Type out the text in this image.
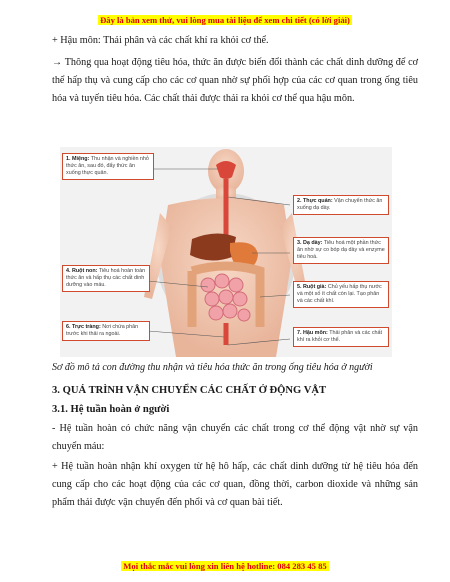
Đây là bản xem thử, vui lòng mua tài liệu để xem chi tiết (có lời giải)
+ Hậu môn: Thải phân và các chất khí ra khỏi cơ thể.
→ Thông qua hoạt động tiêu hóa, thức ăn được biến đổi thành các chất dinh dưỡng để cơ thể hấp thụ và cung cấp cho các cơ quan nhờ sự phối hợp của các cơ quan trong ống tiêu hóa và tuyến tiêu hóa. Các chất thải được thải ra khỏi cơ thể qua hậu môn.
1. Miệng: Thu nhận và nghiền nhỏ thức ăn, sau đó, đẩy thức ăn xuống thực quản.
2. Thực quản: Vận chuyển thức ăn xuống dạ dày.
3. Dạ dày: Tiêu hoá một phần thức ăn nhờ sự co bóp dạ dày và enzyme tiêu hoá.
4. Ruột non: Tiêu hoá hoàn toàn thức ăn và hấp thụ các chất dinh dưỡng vào máu.	5. Ruột già: Chủ yếu hấp thụ nước và một số ít chất còn lại. Tạo phân và các chất khí.
6. Trực tràng: Nơi chứa phân trước khi thải ra ngoài.	7. Hậu môn: Thải phân và các chất khí ra khỏi cơ thể.
Sơ đồ mô tả con đường thu nhận và tiêu hóa thức ăn trong ống tiêu hóa ở người
3. QUÁ TRÌNH VẬN CHUYỂN CÁC CHẤT Ở ĐỘNG VẬT
3.1. Hệ tuần hoàn ở người
- Hệ tuần hoàn có chức năng vận chuyển các chất trong cơ thể động vật nhờ sự vận chuyển máu:
+ Hệ tuần hoàn nhận khí oxygen từ hệ hô hấp, các chất dinh dưỡng từ hệ tiêu hóa đến cung cấp cho các hoạt động của các cơ quan, đồng thời, carbon dioxide và những sản phẩm thải được vận chuyển đến phổi và cơ quan bài tiết.
Mọi thắc mắc vui lòng xin liên hệ hotline: 084 283 45 85
